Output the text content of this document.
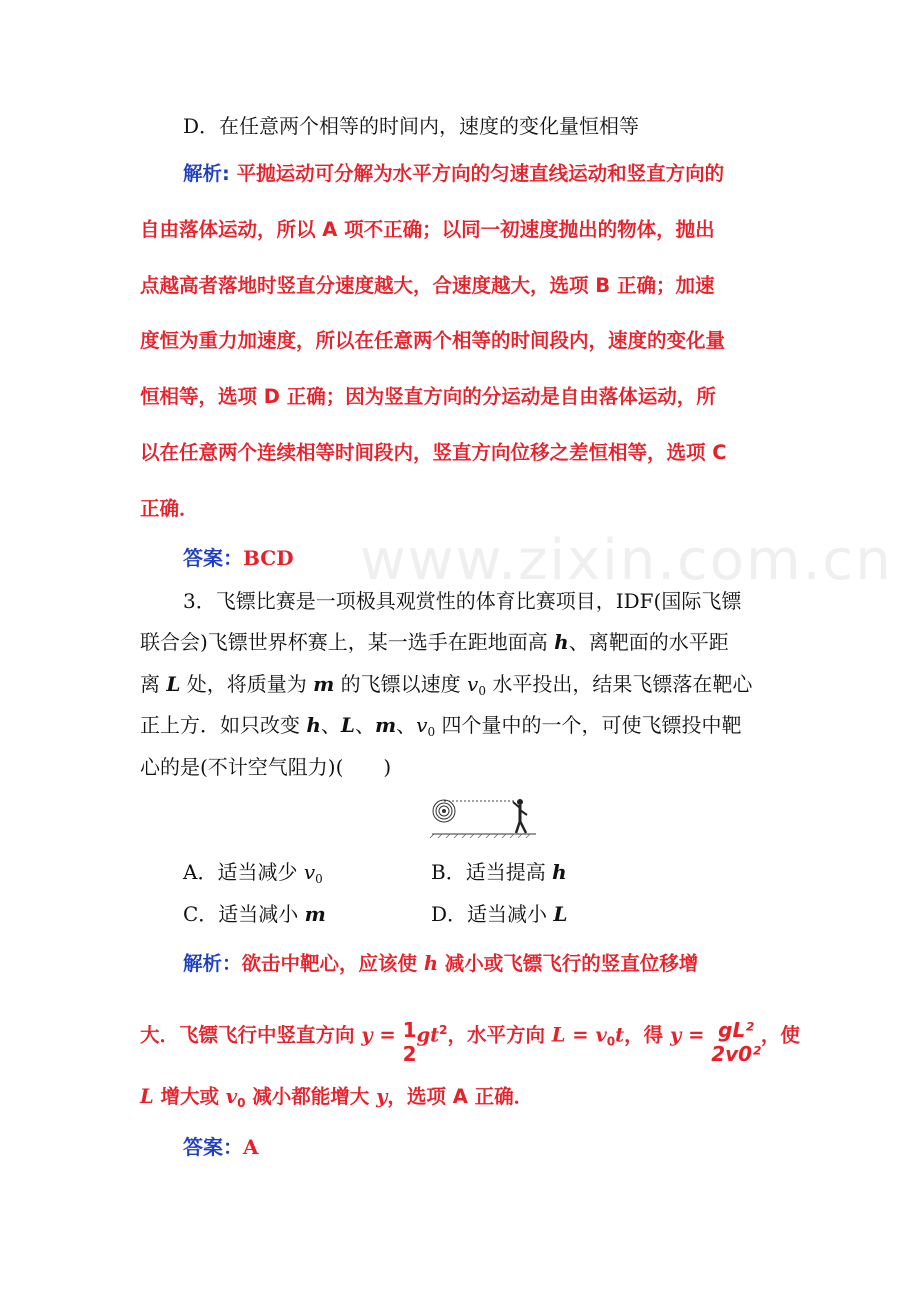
www.zixin.com.cn
D．在任意两个相等的时间内，速度的变化量恒相等
解析: 平抛运动可分解为水平方向的匀速直线运动和竖直方向的
自由落体运动，所以 A 项不正确；以同一初速度抛出的物体，抛出
点越高者落地时竖直分速度越大，合速度越大，选项 B 正确；加速
度恒为重力加速度，所以在任意两个相等的时间段内，速度的变化量
恒相等，选项 D 正确；因为竖直方向的分运动是自由落体运动，所
以在任意两个连续相等时间段内，竖直方向位移之差恒相等，选项 C
正确．
答案：BCD
3．飞镖比赛是一项极具观赏性的体育比赛项目，IDF(国际飞镖
联合会)飞镖世界杯赛上，某一选手在距地面高 h、离靶面的水平距
离 L 处，将质量为 m 的飞镖以速度 $v_0$ 水平投出，结果飞镖落在靶心
正上方．如只改变 h、L、m、$v_0$ 四个量中的一个，可使飞镖投中靶
心的是(不计空气阻力)(　　)
A．适当减少 $v_0$	B．适当提高 h
C．适当减小 m	D．适当减小 L
解析：欲击中靶心，应该使 h 减小或飞镖飞行的竖直位移增
大．飞镖飞行中竖直方向 y = 1
2
$gt^2$，水平方向 $L = v_0t$，得 y = gL²
2v0²
，使
L 增大或 $v_0$ 减小都能增大 y，选项 A 正确．
答案：A
